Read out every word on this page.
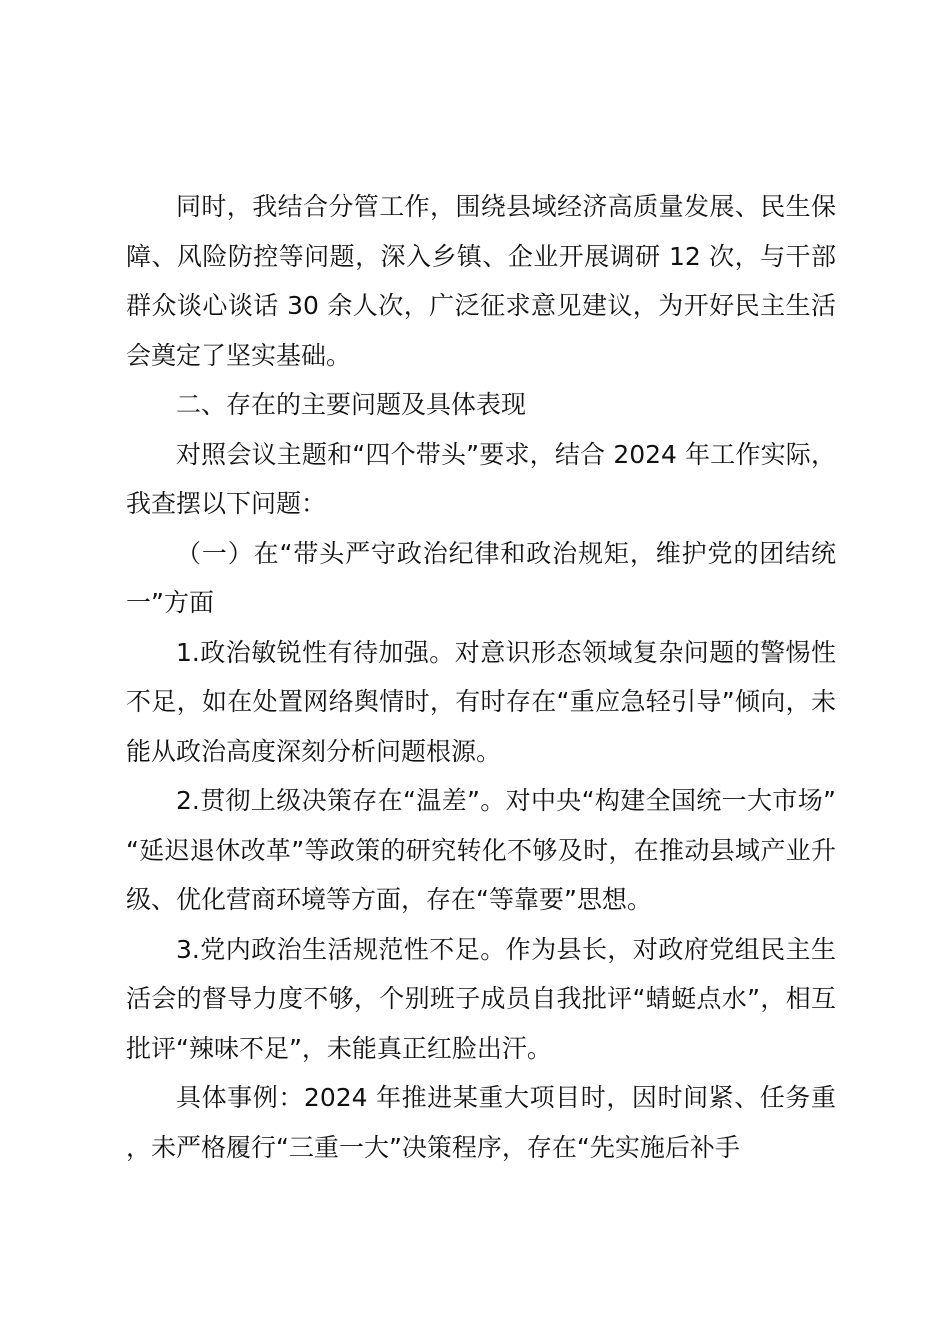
同时，我结合分管工作，围绕县域经济高质量发展、民生保障、风险防控等问题，深入乡镇、企业开展调研 12 次，与干部群众谈心谈话 30 余人次，广泛征求意见建议，为开好民主生活会奠定了坚实基础。

二、存在的主要问题及具体表现

对照会议主题和“四个带头”要求，结合 2024 年工作实际，我查摆以下问题：

（一）在“带头严守政治纪律和政治规矩，维护党的团结统一”方面

1.政治敏锐性有待加强。对意识形态领域复杂问题的警惕性不足，如在处置网络舆情时，有时存在“重应急轻引导”倾向，未能从政治高度深刻分析问题根源。

2.贯彻上级决策存在“温差”。对中央“构建全国统一大市场”“延迟退休改革”等政策的研究转化不够及时，在推动县域产业升级、优化营商环境等方面，存在“等靠要”思想。

3.党内政治生活规范性不足。作为县长，对政府党组民主生活会的督导力度不够，个别班子成员自我批评“蜻蜓点水”，相互批评“辣味不足”，未能真正红脸出汗。

具体事例：2024 年推进某重大项目时，因时间紧、任务重，未严格履行“三重一大”决策程序，存在“先实施后补手
